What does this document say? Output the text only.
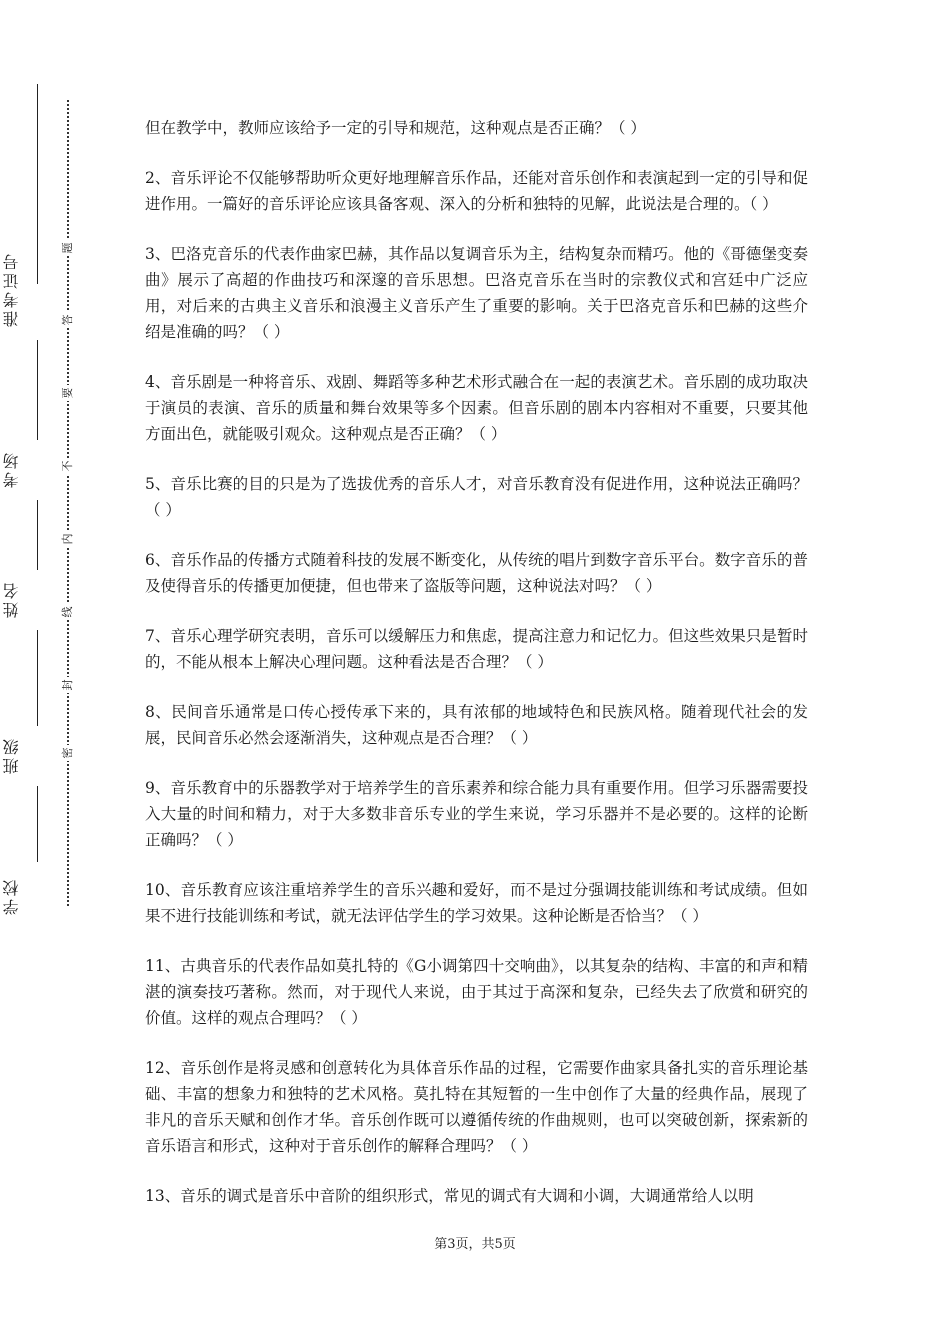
学校
准考证号
考场
姓名
班级	密
封
线
内
不
要
答
题

但在教学中，教师应该给予一定的引导和规范，这种观点是否正确？（ ）

2、音乐评论不仅能够帮助听众更好地理解音乐作品，还能对音乐创作和表演起到一定的引导和促进作用。一篇好的音乐评论应该具备客观、深入的分析和独特的见解，此说法是合理的。（ ）

3、巴洛克音乐的代表作曲家巴赫，其作品以复调音乐为主，结构复杂而精巧。他的《哥德堡变奏曲》展示了高超的作曲技巧和深邃的音乐思想。巴洛克音乐在当时的宗教仪式和宫廷中广泛应用，对后来的古典主义音乐和浪漫主义音乐产生了重要的影响。关于巴洛克音乐和巴赫的这些介绍是准确的吗？（ ）

4、音乐剧是一种将音乐、戏剧、舞蹈等多种艺术形式融合在一起的表演艺术。音乐剧的成功取决于演员的表演、音乐的质量和舞台效果等多个因素。但音乐剧的剧本内容相对不重要，只要其他方面出色，就能吸引观众。这种观点是否正确？（ ）

5、音乐比赛的目的只是为了选拔优秀的音乐人才，对音乐教育没有促进作用，这种说法正确吗？（ ）

6、音乐作品的传播方式随着科技的发展不断变化，从传统的唱片到数字音乐平台。数字音乐的普及使得音乐的传播更加便捷，但也带来了盗版等问题，这种说法对吗？（ ）

7、音乐心理学研究表明，音乐可以缓解压力和焦虑，提高注意力和记忆力。但这些效果只是暂时的，不能从根本上解决心理问题。这种看法是否合理？（ ）

8、民间音乐通常是口传心授传承下来的，具有浓郁的地域特色和民族风格。随着现代社会的发展，民间音乐必然会逐渐消失，这种观点是否合理？（ ）

9、音乐教育中的乐器教学对于培养学生的音乐素养和综合能力具有重要作用。但学习乐器需要投入大量的时间和精力，对于大多数非音乐专业的学生来说，学习乐器并不是必要的。这样的论断正确吗？（ ）

10、音乐教育应该注重培养学生的音乐兴趣和爱好，而不是过分强调技能训练和考试成绩。但如果不进行技能训练和考试，就无法评估学生的学习效果。这种论断是否恰当？（ ）

11、古典音乐的代表作品如莫扎特的《G小调第四十交响曲》，以其复杂的结构、丰富的和声和精湛的演奏技巧著称。然而，对于现代人来说，由于其过于高深和复杂，已经失去了欣赏和研究的价值。这样的观点合理吗？（ ）

12、音乐创作是将灵感和创意转化为具体音乐作品的过程，它需要作曲家具备扎实的音乐理论基础、丰富的想象力和独特的艺术风格。莫扎特在其短暂的一生中创作了大量的经典作品，展现了非凡的音乐天赋和创作才华。音乐创作既可以遵循传统的作曲规则，也可以突破创新，探索新的音乐语言和形式，这种对于音乐创作的解释合理吗？（ ）

13、音乐的调式是音乐中音阶的组织形式，常见的调式有大调和小调，大调通常给人以明

第3页，共5页
